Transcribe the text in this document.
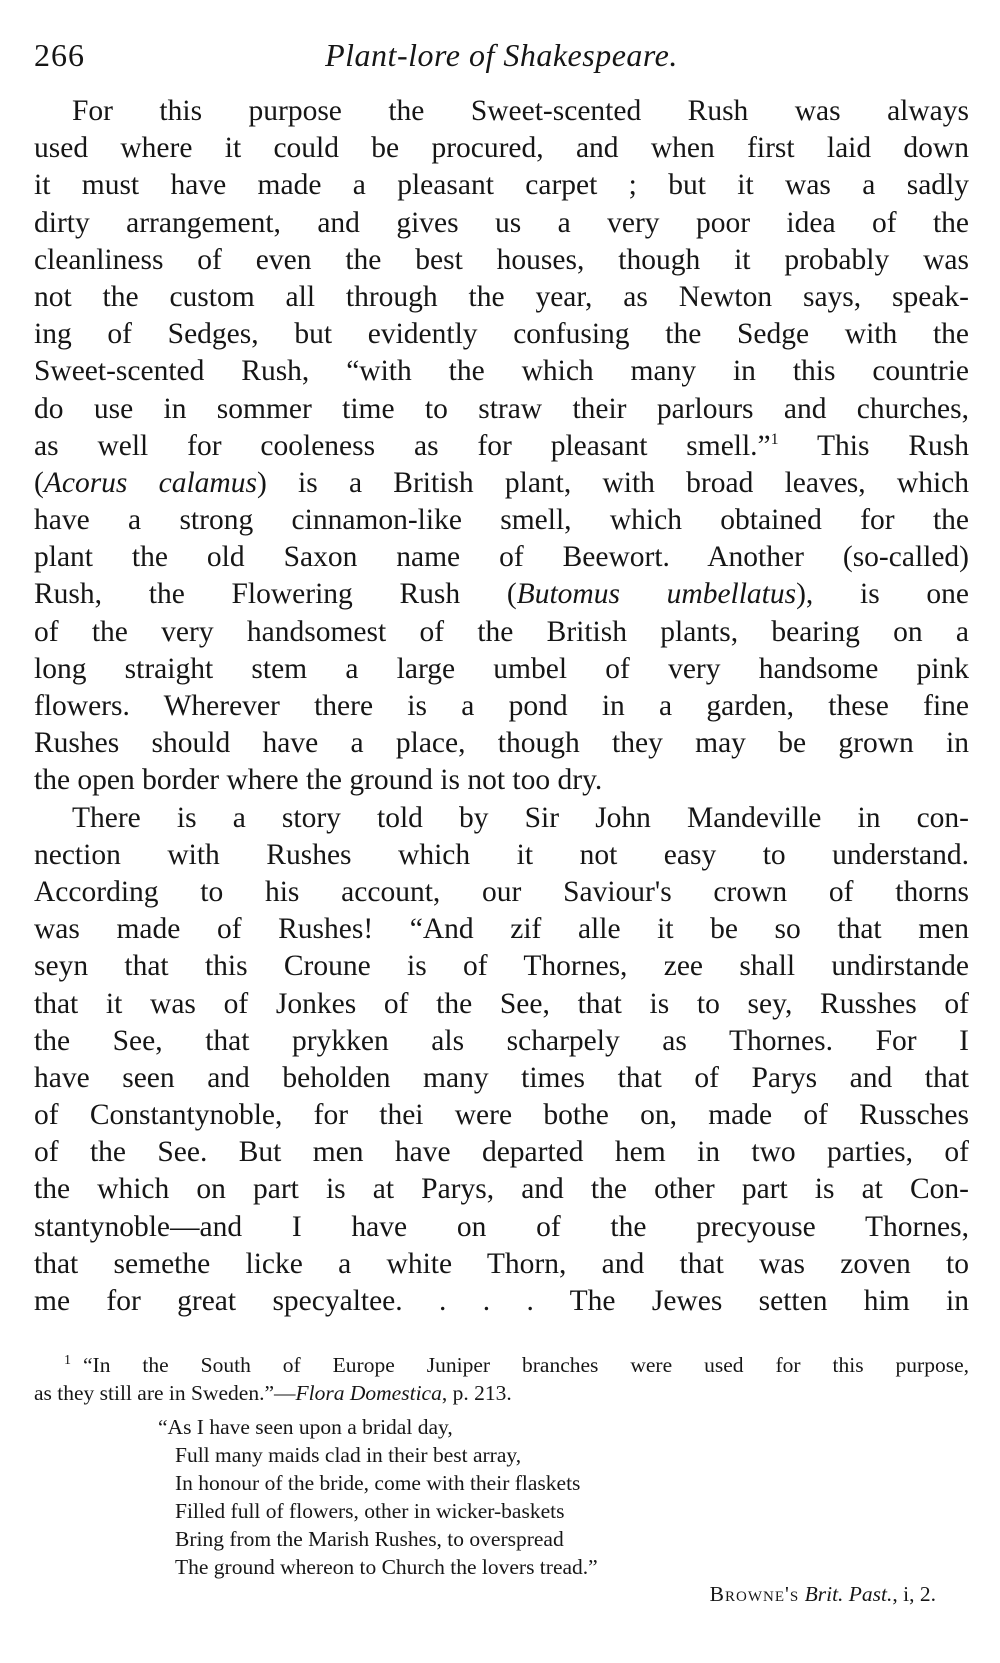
266	Plant-lore of Shakespeare.
For this purpose the Sweet-scented Rush was always
used where it could be procured, and when first laid down
it must have made a pleasant carpet ; but it was a sadly
dirty arrangement, and gives us a very poor idea of the
cleanliness of even the best houses, though it probably was
not the custom all through the year, as Newton says, speak-
ing of Sedges, but evidently confusing the Sedge with the
Sweet-scented Rush, “with the which many in this countrie
do use in sommer time to straw their parlours and churches,
as well for cooleness as for pleasant smell.”$^1$ This Rush
(Acorus calamus) is a British plant, with broad leaves, which
have a strong cinnamon-like smell, which obtained for the
plant the old Saxon name of Beewort. Another (so-called)
Rush, the Flowering Rush (Butomus umbellatus), is one
of the very handsomest of the British plants, bearing on a
long straight stem a large umbel of very handsome pink
flowers. Wherever there is a pond in a garden, these fine
Rushes should have a place, though they may be grown in
the open border where the ground is not too dry.
There is a story told by Sir John Mandeville in con-
nection with Rushes which it not easy to understand.
According to his account, our Saviour's crown of thorns
was made of Rushes! “And zif alle it be so that men
seyn that this Croune is of Thornes, zee shall undirstande
that it was of Jonkes of the See, that is to sey, Russhes of
the See, that prykken als scharpely as Thornes. For I
have seen and beholden many times that of Parys and that
of Constantynoble, for thei were bothe on, made of Russches
of the See. But men have departed hem in two parties, of
the which on part is at Parys, and the other part is at Con-
stantynoble—and I have on of the precyouse Thornes,
that semethe licke a white Thorn, and that was zoven to
me for great specyaltee. . . . The Jewes setten him in
$^1$ “In the South of Europe Juniper branches were used for this purpose,
as they still are in Sweden.”—Flora Domestica, p. 213.
“As I have seen upon a bridal day,
Full many maids clad in their best array,
In honour of the bride, come with their flaskets
Filled full of flowers, other in wicker-baskets
Bring from the Marish Rushes, to overspread
The ground whereon to Church the lovers tread.”
Browne's Brit. Past., i, 2.
